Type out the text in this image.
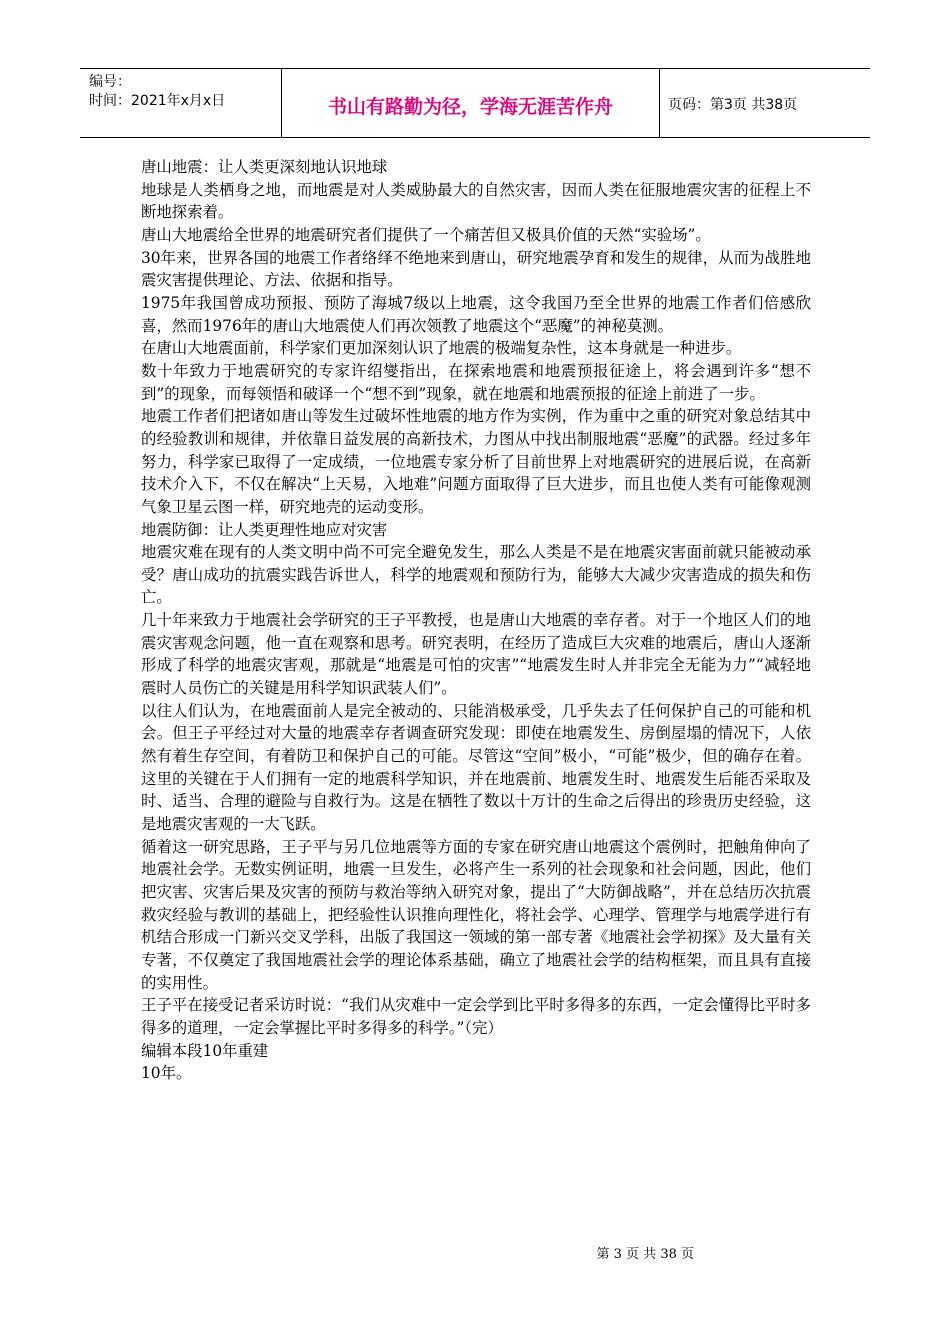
编号：
时间：2021年x月x日	书山有路勤为径，学海无涯苦作舟	页码：第3页 共38页

唐山地震：让人类更深刻地认识地球

地球是人类栖身之地，而地震是对人类威胁最大的自然灾害，因而人类在征服地震灾害的征程上不断地探索着。

唐山大地震给全世界的地震研究者们提供了一个痛苦但又极具价值的天然“实验场”。

30年来，世界各国的地震工作者络绎不绝地来到唐山，研究地震孕育和发生的规律，从而为战胜地震灾害提供理论、方法、依据和指导。

1975年我国曾成功预报、预防了海城7级以上地震，这令我国乃至全世界的地震工作者们倍感欣喜，然而1976年的唐山大地震使人们再次领教了地震这个“恶魔”的神秘莫测。

在唐山大地震面前，科学家们更加深刻认识了地震的极端复杂性，这本身就是一种进步。

数十年致力于地震研究的专家许绍燮指出，在探索地震和地震预报征途上，将会遇到许多“想不到”的现象，而每领悟和破译一个“想不到”现象，就在地震和地震预报的征途上前进了一步。

地震工作者们把诸如唐山等发生过破坏性地震的地方作为实例，作为重中之重的研究对象总结其中的经验教训和规律，并依靠日益发展的高新技术，力图从中找出制服地震“恶魔”的武器。经过多年努力，科学家已取得了一定成绩，一位地震专家分析了目前世界上对地震研究的进展后说，在高新技术介入下，不仅在解决“上天易，入地难”问题方面取得了巨大进步，而且也使人类有可能像观测气象卫星云图一样，研究地壳的运动变形。

地震防御：让人类更理性地应对灾害

地震灾难在现有的人类文明中尚不可完全避免发生，那么人类是不是在地震灾害面前就只能被动承受？唐山成功的抗震实践告诉世人，科学的地震观和预防行为，能够大大减少灾害造成的损失和伤亡。

几十年来致力于地震社会学研究的王子平教授，也是唐山大地震的幸存者。对于一个地区人们的地震灾害观念问题，他一直在观察和思考。研究表明，在经历了造成巨大灾难的地震后，唐山人逐渐形成了科学的地震灾害观，那就是“地震是可怕的灾害”“地震发生时人并非完全无能为力”“减轻地震时人员伤亡的关键是用科学知识武装人们”。

以往人们认为，在地震面前人是完全被动的、只能消极承受，几乎失去了任何保护自己的可能和机会。但王子平经过对大量的地震幸存者调查研究发现：即使在地震发生、房倒屋塌的情况下，人依然有着生存空间，有着防卫和保护自己的可能。尽管这“空间”极小，“可能”极少，但的确存在着。这里的关键在于人们拥有一定的地震科学知识，并在地震前、地震发生时、地震发生后能否采取及时、适当、合理的避险与自救行为。这是在牺牲了数以十万计的生命之后得出的珍贵历史经验，这是地震灾害观的一大飞跃。

循着这一研究思路，王子平与另几位地震等方面的专家在研究唐山地震这个震例时，把触角伸向了地震社会学。无数实例证明，地震一旦发生，必将产生一系列的社会现象和社会问题，因此，他们把灾害、灾害后果及灾害的预防与救治等纳入研究对象，提出了“大防御战略”，并在总结历次抗震救灾经验与教训的基础上，把经验性认识推向理性化，将社会学、心理学、管理学与地震学进行有机结合形成一门新兴交叉学科，出版了我国这一领域的第一部专著《地震社会学初探》及大量有关专著，不仅奠定了我国地震社会学的理论体系基础，确立了地震社会学的结构框架，而且具有直接的实用性。

王子平在接受记者采访时说：“我们从灾难中一定会学到比平时多得多的东西，一定会懂得比平时多得多的道理，一定会掌握比平时多得多的科学。”（完）

编辑本段10年重建

10年。

第 3 页 共 38 页
